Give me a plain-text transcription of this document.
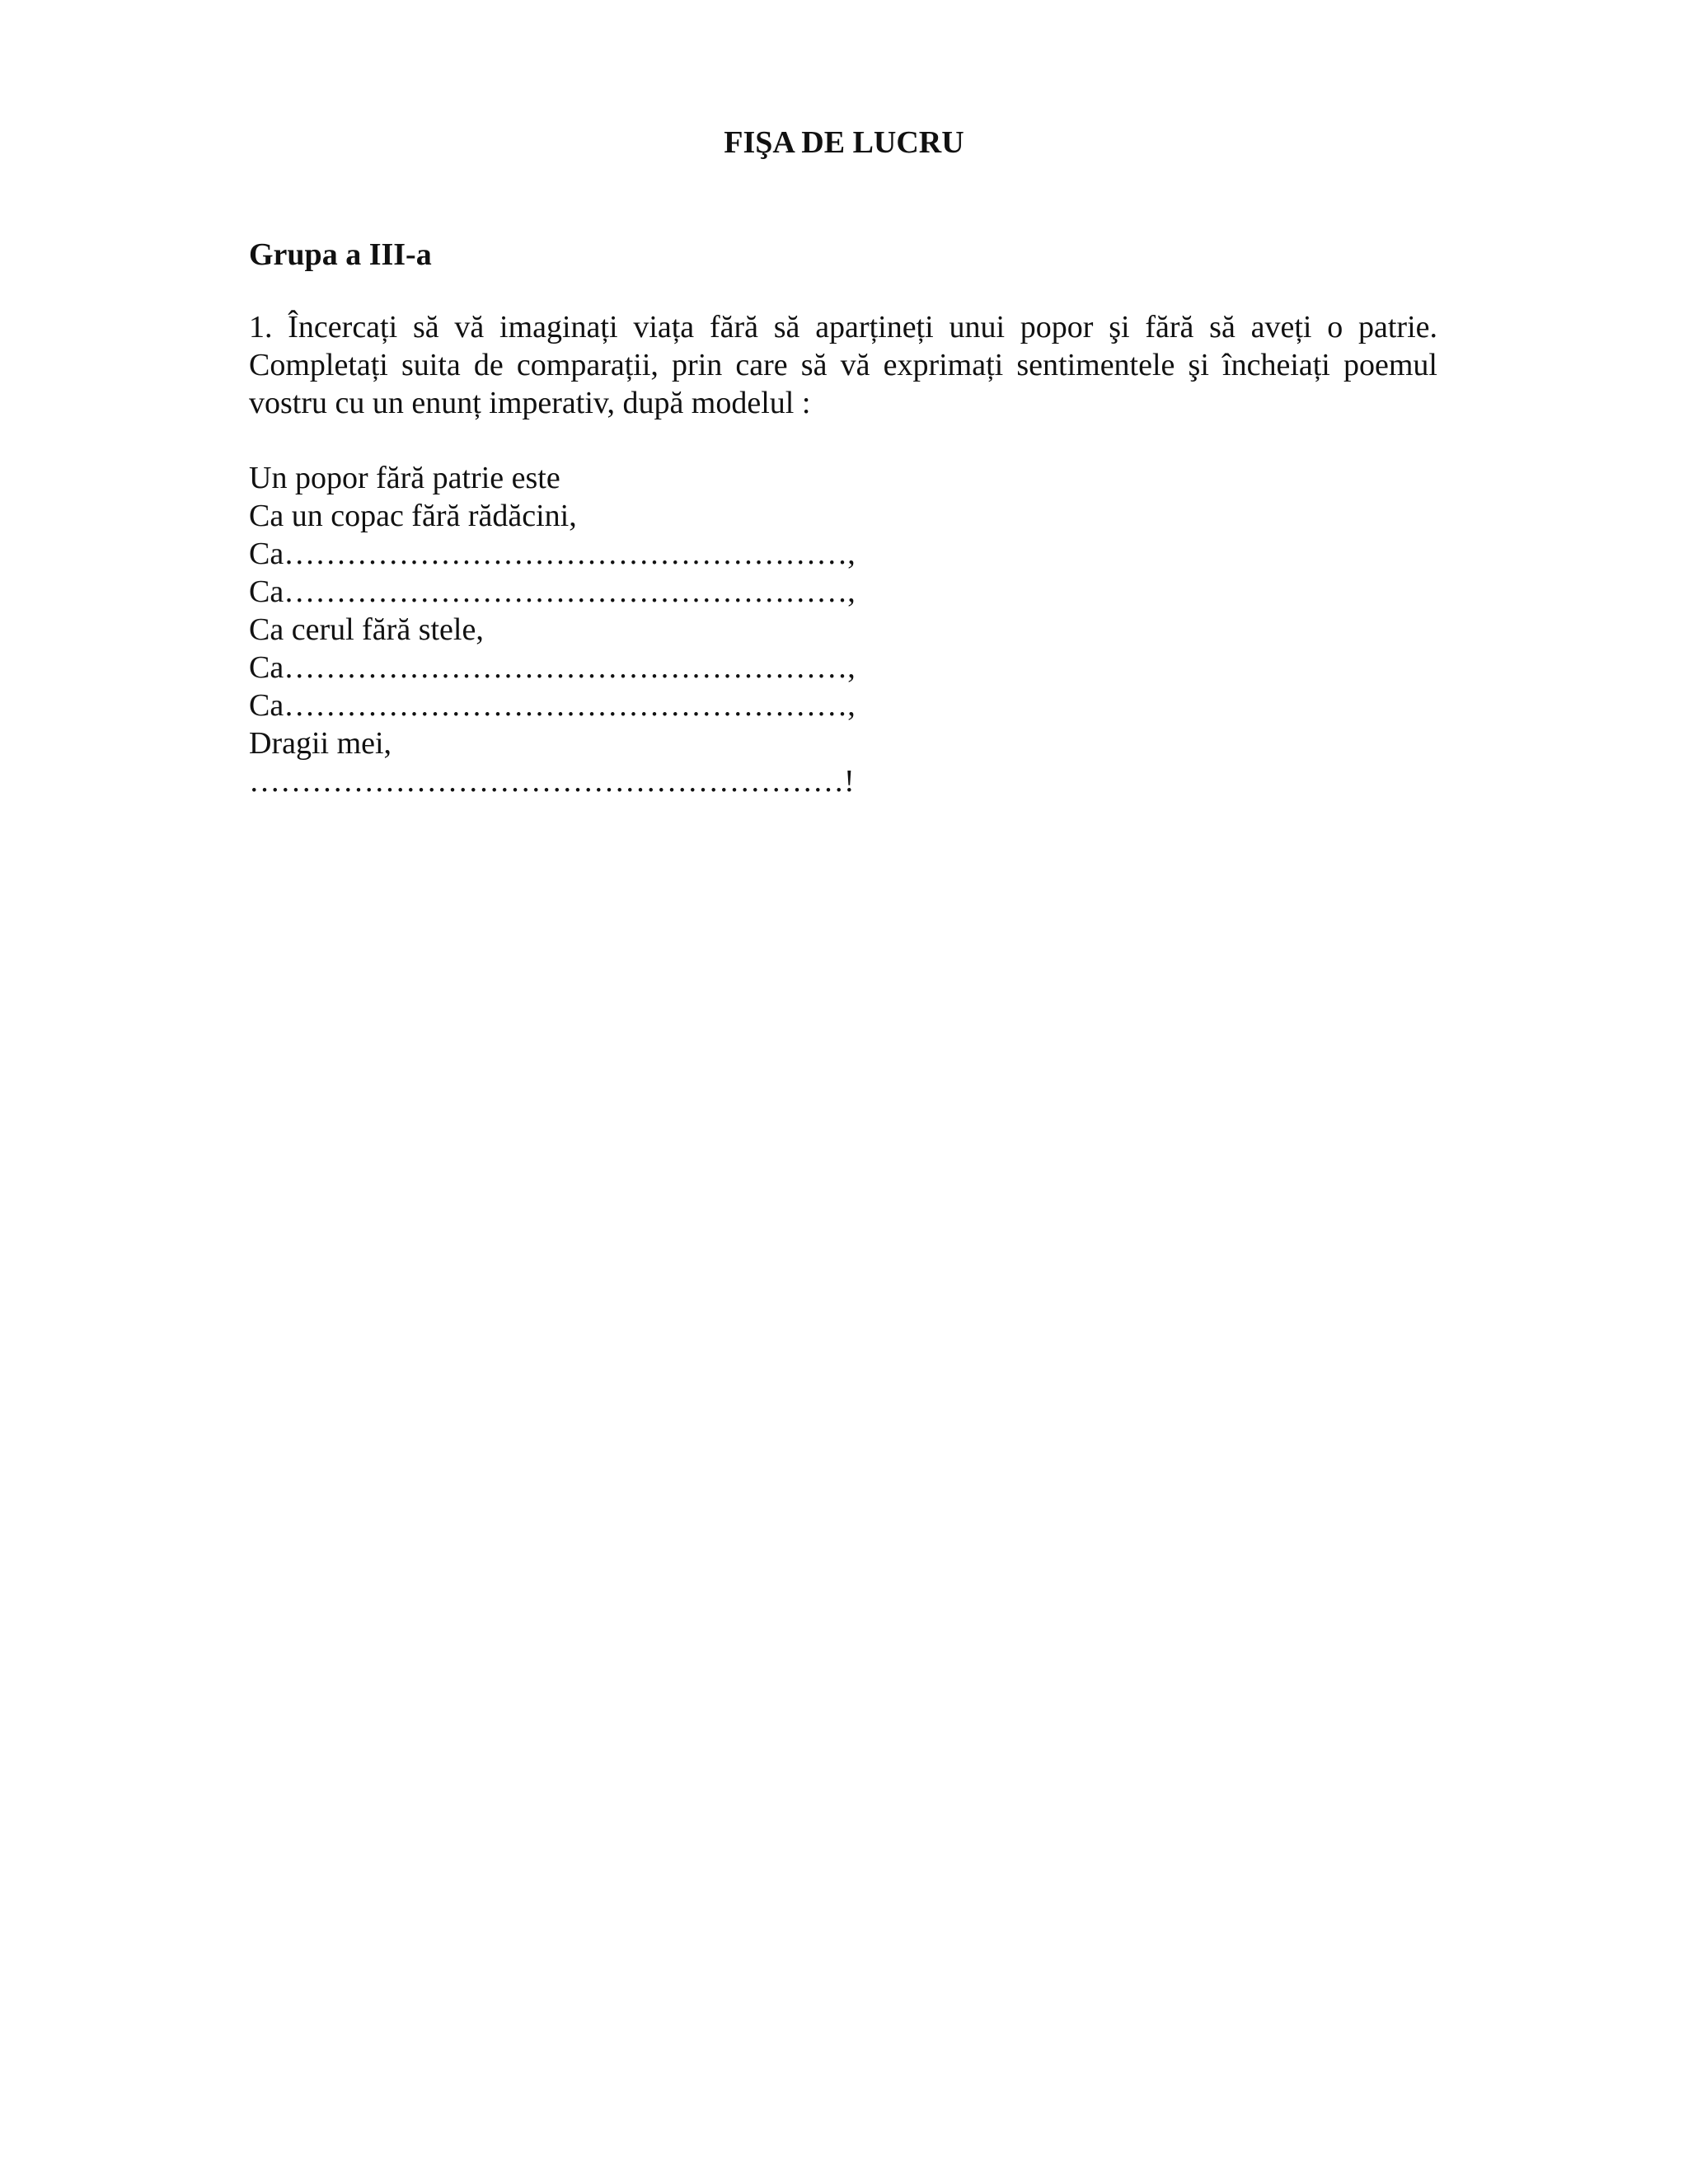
FIŞA DE LUCRU
Grupa a III-a
1. Încercați să vă imaginați viața fără să aparțineți unui popor şi fără să aveți o patrie.
Completați suita de comparații, prin care să vă exprimați sentimentele şi încheiați poemul
vostru cu un enunț imperativ, după modelul :
Un popor fără patrie este
Ca un copac fără rădăcini,
Ca………………………………………………,
Ca………………………………………………,
Ca cerul fără stele,
Ca………………………………………………,
Ca………………………………………………,
Dragii mei,
…………………………………………………!
